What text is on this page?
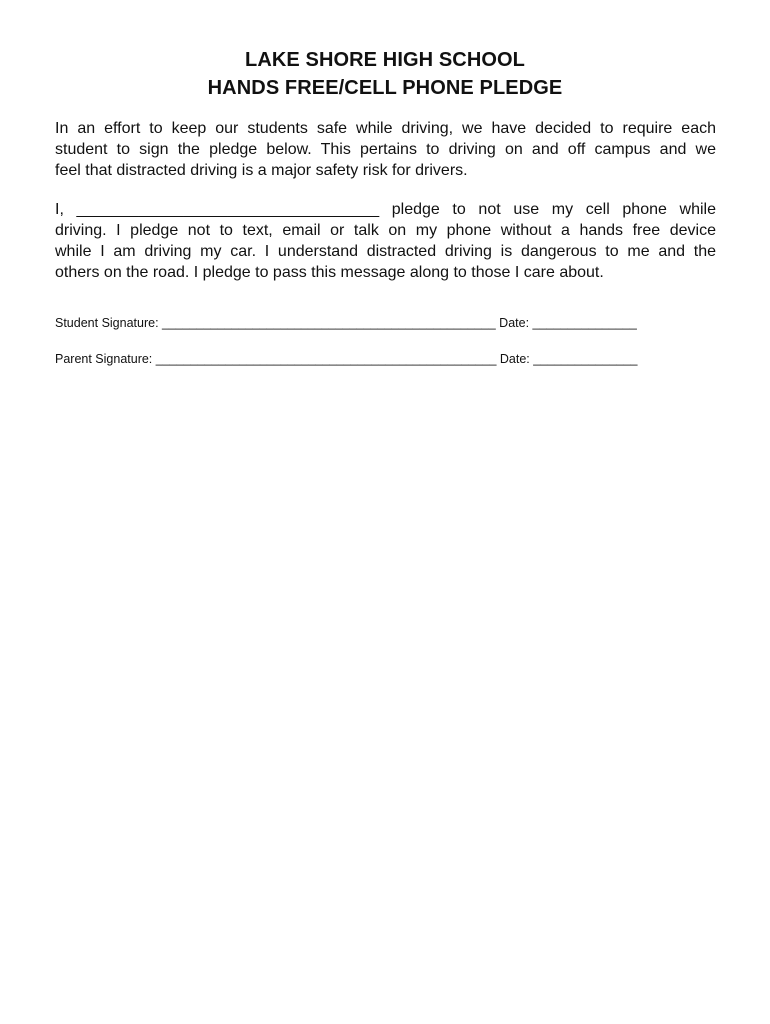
LAKE SHORE HIGH SCHOOL
HANDS FREE/CELL PHONE PLEDGE
In an effort to keep our students safe while driving, we have decided to require each
student to sign the pledge below. This pertains to driving on and off campus and we
feel that distracted driving is a major safety risk for drivers.
I, __________________________________ pledge to not use my cell phone while
driving. I pledge not to text, email or talk on my phone without a hands free device
while I am driving my car. I understand distracted driving is dangerous to me and the
others on the road. I pledge to pass this message along to those I care about.
Student Signature: ________________________________________________ Date: _______________
Parent Signature: _________________________________________________ Date: _______________
